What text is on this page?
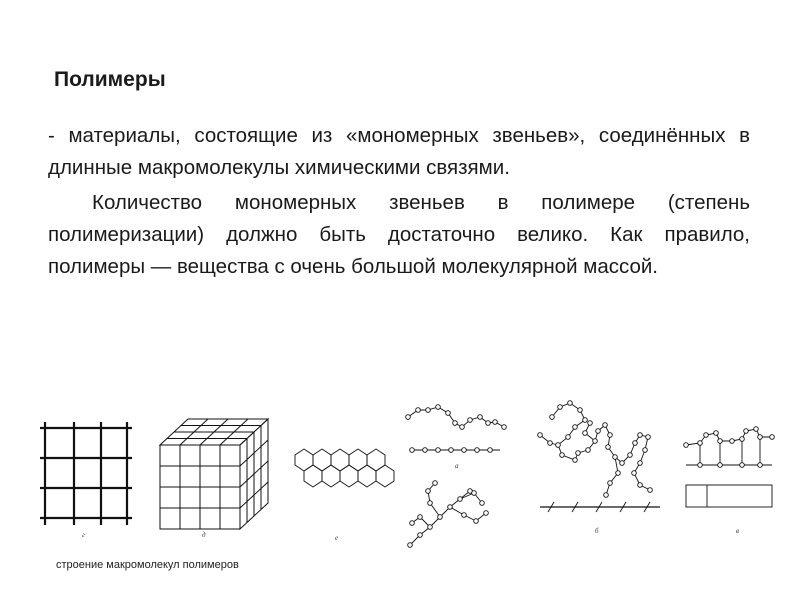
Полимеры

- материалы, состоящие из «мономерных звеньев», соединённых в длинные макромолекулы химическими связями.

Количество мономерных звеньев в полимере (степень полимеризации) должно быть достаточно велико. Как правило, полимеры — вещества с очень большой молекулярной массой.

г	д	е
а
б	в
строение макромолекул полимеров
